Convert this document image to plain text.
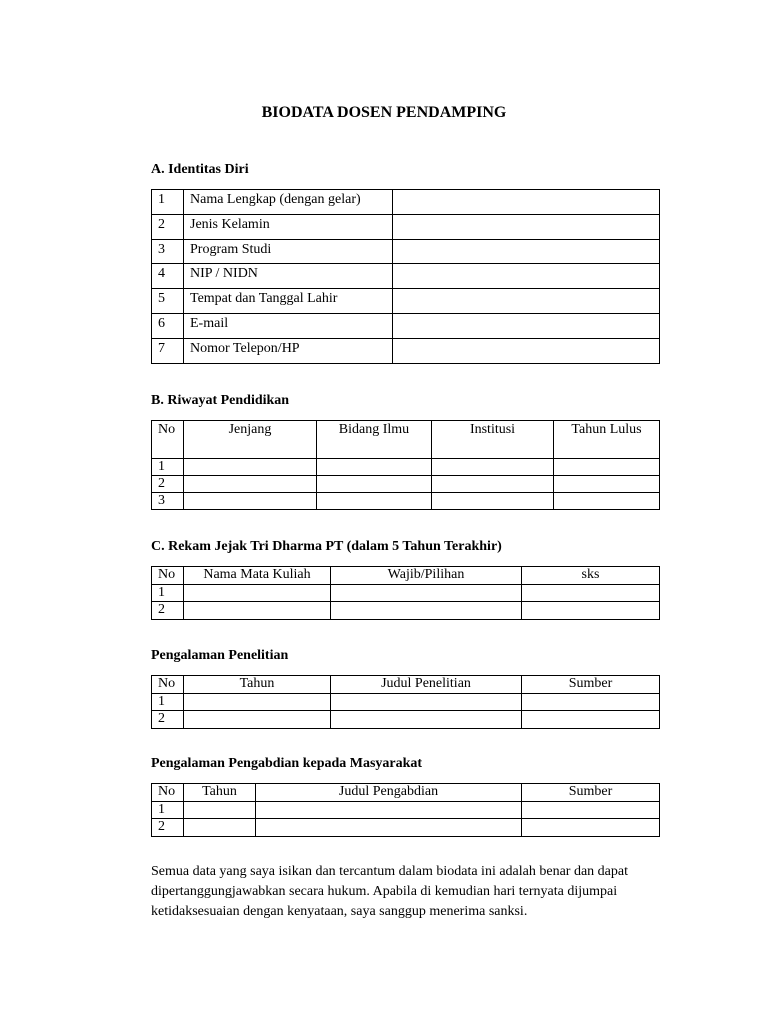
BIODATA DOSEN PENDAMPING
A. Identitas Diri
1	Nama Lengkap (dengan gelar)	
2	Jenis Kelamin	
3	Program Studi	
4	NIP / NIDN	
5	Tempat dan Tanggal Lahir	
6	E-mail	
7	Nomor Telepon/HP	
B. Riwayat Pendidikan
No	Jenjang	Bidang Ilmu	Institusi	Tahun Lulus
1				
2				
3				
C. Rekam Jejak Tri Dharma PT (dalam 5 Tahun Terakhir)
No	Nama Mata Kuliah	Wajib/Pilihan	sks
1			
2			
Pengalaman Penelitian
No	Tahun	Judul Penelitian	Sumber
1			
2			
Pengalaman Pengabdian kepada Masyarakat
No	Tahun	Judul Pengabdian	Sumber
1			
2			
Semua data yang saya isikan dan tercantum dalam biodata ini adalah benar dan dapat dipertanggungjawabkan secara hukum. Apabila di kemudian hari ternyata dijumpai ketidaksesuaian dengan kenyataan, saya sanggup menerima sanksi.
